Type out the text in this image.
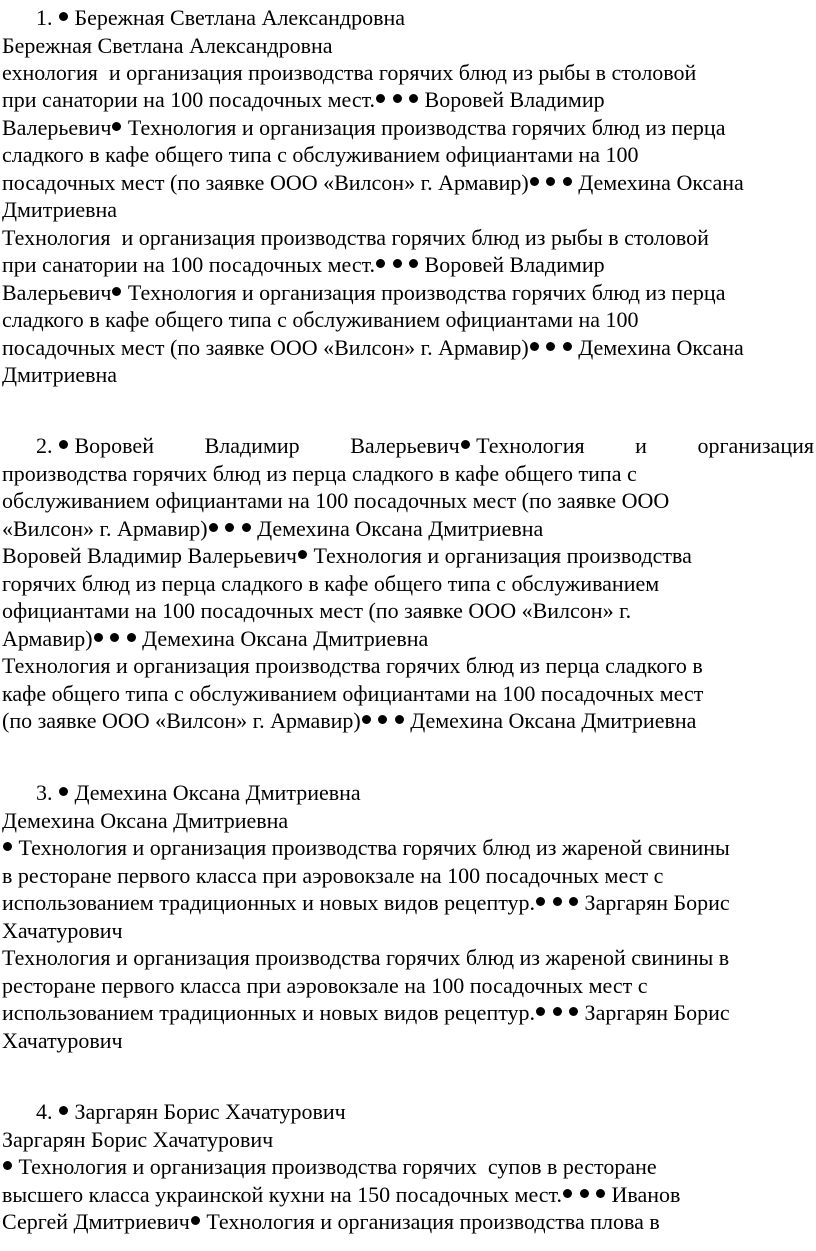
1. Бережная Светлана Александровна
Бережная Светлана Александровна
ехнология  и организация производства горячих блюд из рыбы в столовой
при санатории на 100 посадочных мест. Воровей Владимир
Валерьевич Технология и организация производства горячих блюд из перца
сладкого в кафе общего типа с обслуживанием официантами на 100
посадочных мест (по заявке ООО «Вилсон» г. Армавир) Демехина Оксана
Дмитриевна
Технология  и организация производства горячих блюд из рыбы в столовой
при санатории на 100 посадочных мест. Воровей Владимир
Валерьевич Технология и организация производства горячих блюд из перца
сладкого в кафе общего типа с обслуживанием официантами на 100
посадочных мест (по заявке ООО «Вилсон» г. Армавир) Демехина Оксана
Дмитриевна
2. Воровей Владимир Валерьевич Технология и организация
производства горячих блюд из перца сладкого в кафе общего типа с
обслуживанием официантами на 100 посадочных мест (по заявке ООО
«Вилсон» г. Армавир) Демехина Оксана Дмитриевна
Воровей Владимир Валерьевич Технология и организация производства
горячих блюд из перца сладкого в кафе общего типа с обслуживанием
официантами на 100 посадочных мест (по заявке ООО «Вилсон» г.
Армавир) Демехина Оксана Дмитриевна
Технология и организация производства горячих блюд из перца сладкого в
кафе общего типа с обслуживанием официантами на 100 посадочных мест
(по заявке ООО «Вилсон» г. Армавир) Демехина Оксана Дмитриевна
3. Демехина Оксана Дмитриевна
Демехина Оксана Дмитриевна
Технология и организация производства горячих блюд из жареной свинины
в ресторане первого класса при аэровокзале на 100 посадочных мест с
использованием традиционных и новых видов рецептур. Заргарян Борис
Хачатурович
Технология и организация производства горячих блюд из жареной свинины в
ресторане первого класса при аэровокзале на 100 посадочных мест с
использованием традиционных и новых видов рецептур. Заргарян Борис
Хачатурович
4. Заргарян Борис Хачатурович
Заргарян Борис Хачатурович
Технология и организация производства горячих  супов в ресторане
высшего класса украинской кухни на 150 посадочных мест. Иванов
Сергей Дмитриевич Технология и организация производства плова в
